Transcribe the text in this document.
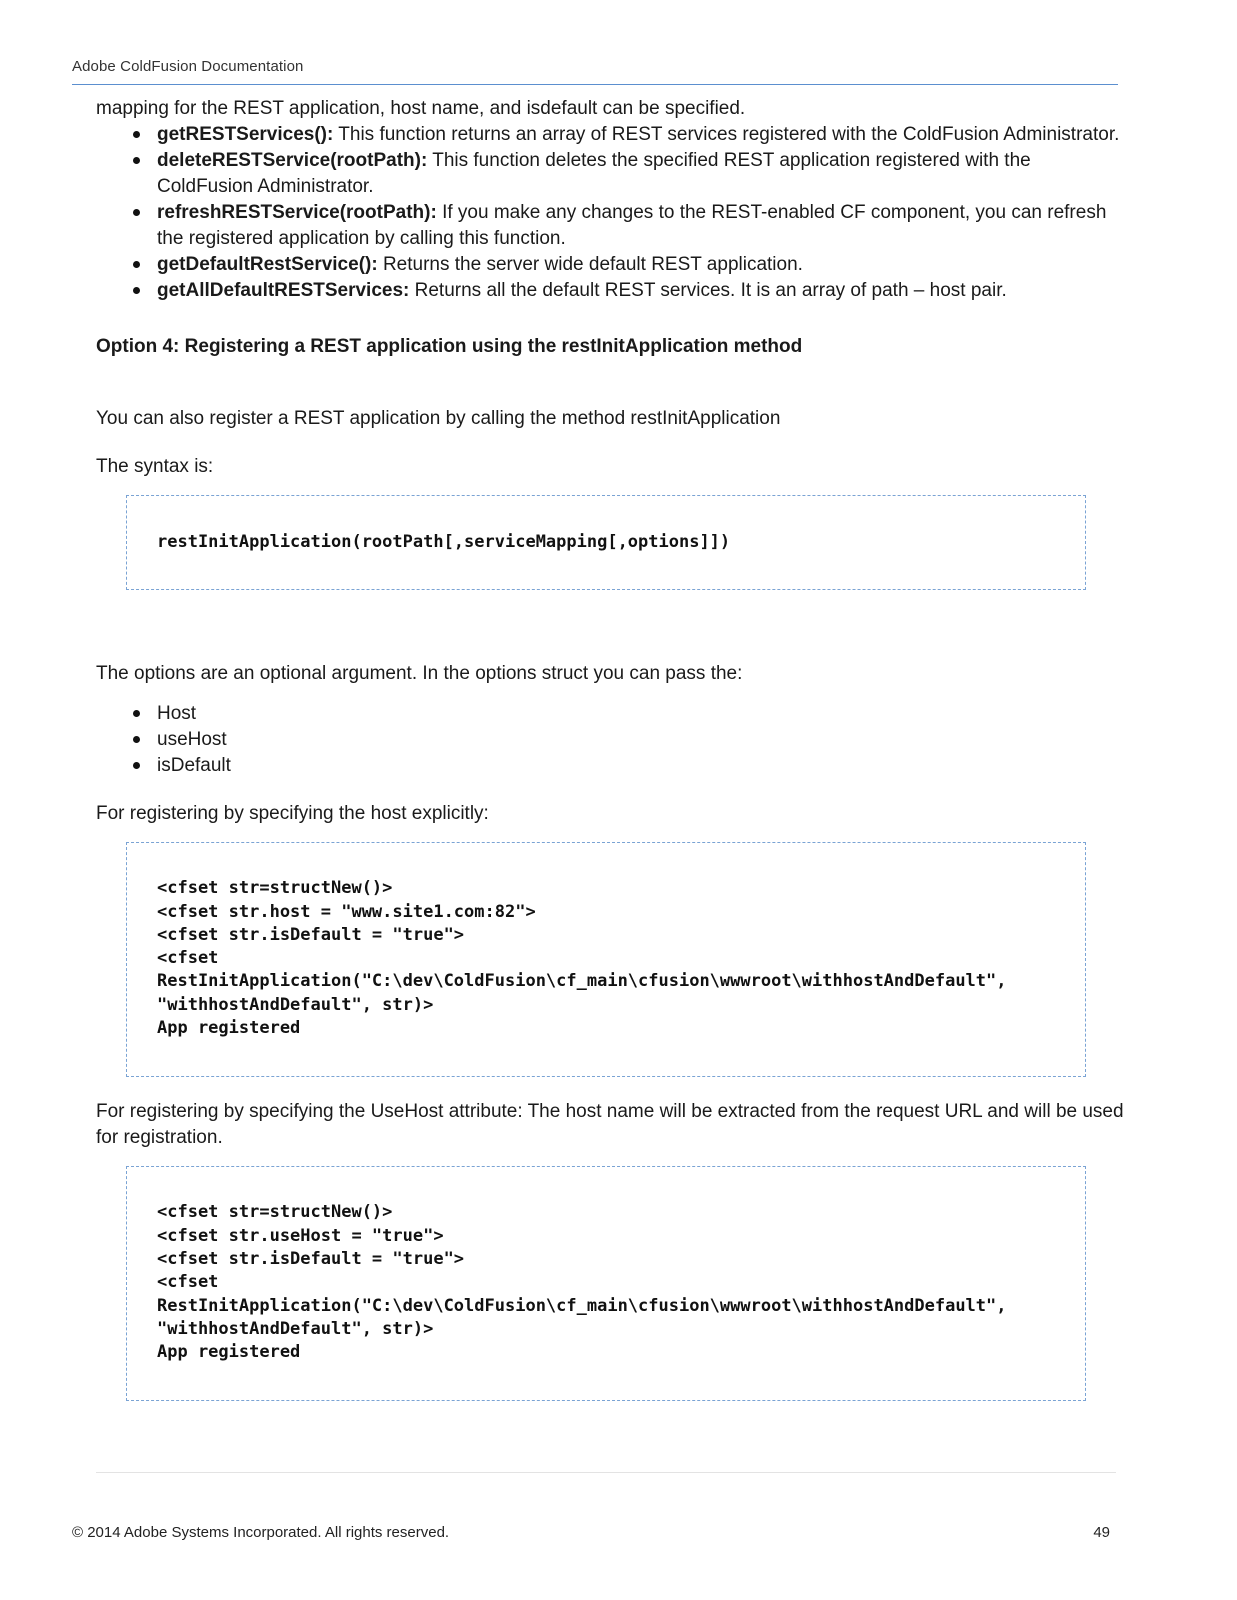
Adobe ColdFusion Documentation

mapping for the REST application, host name, and isdefault can be specified.

getRESTServices(): This function returns an array of REST services registered with the ColdFusion Administrator.
deleteRESTService(rootPath): This function deletes the specified REST application registered with the ColdFusion Administrator.
refreshRESTService(rootPath): If you make any changes to the REST-enabled CF component, you can refresh the registered application by calling this function.
getDefaultRestService(): Returns the server wide default REST application.
getAllDefaultRESTServices: Returns all the default REST services. It is an array of path – host pair.
Option 4: Registering a REST application using the restInitApplication method

You can also register a REST application by calling the method restInitApplication

The syntax is:

restInitApplication(rootPath[,serviceMapping[,options]])

The options are an optional argument. In the options struct you can pass the:

Host
useHost
isDefault

For registering by specifying the host explicitly:

<cfset str=structNew()>
<cfset str.host = "www.site1.com:82">
<cfset str.isDefault = "true">
<cfset
RestInitApplication("C:\dev\ColdFusion\cf_main\cfusion\wwwroot\withhostAndDefault",
"withhostAndDefault", str)>
App registered

For registering by specifying the UseHost attribute: The host name will be extracted from the request URL and will be used for registration.

<cfset str=structNew()>
<cfset str.useHost = "true">
<cfset str.isDefault = "true">
<cfset
RestInitApplication("C:\dev\ColdFusion\cf_main\cfusion\wwwroot\withhostAndDefault",
"withhostAndDefault", str)>
App registered
© 2014 Adobe Systems Incorporated. All rights reserved.	49
